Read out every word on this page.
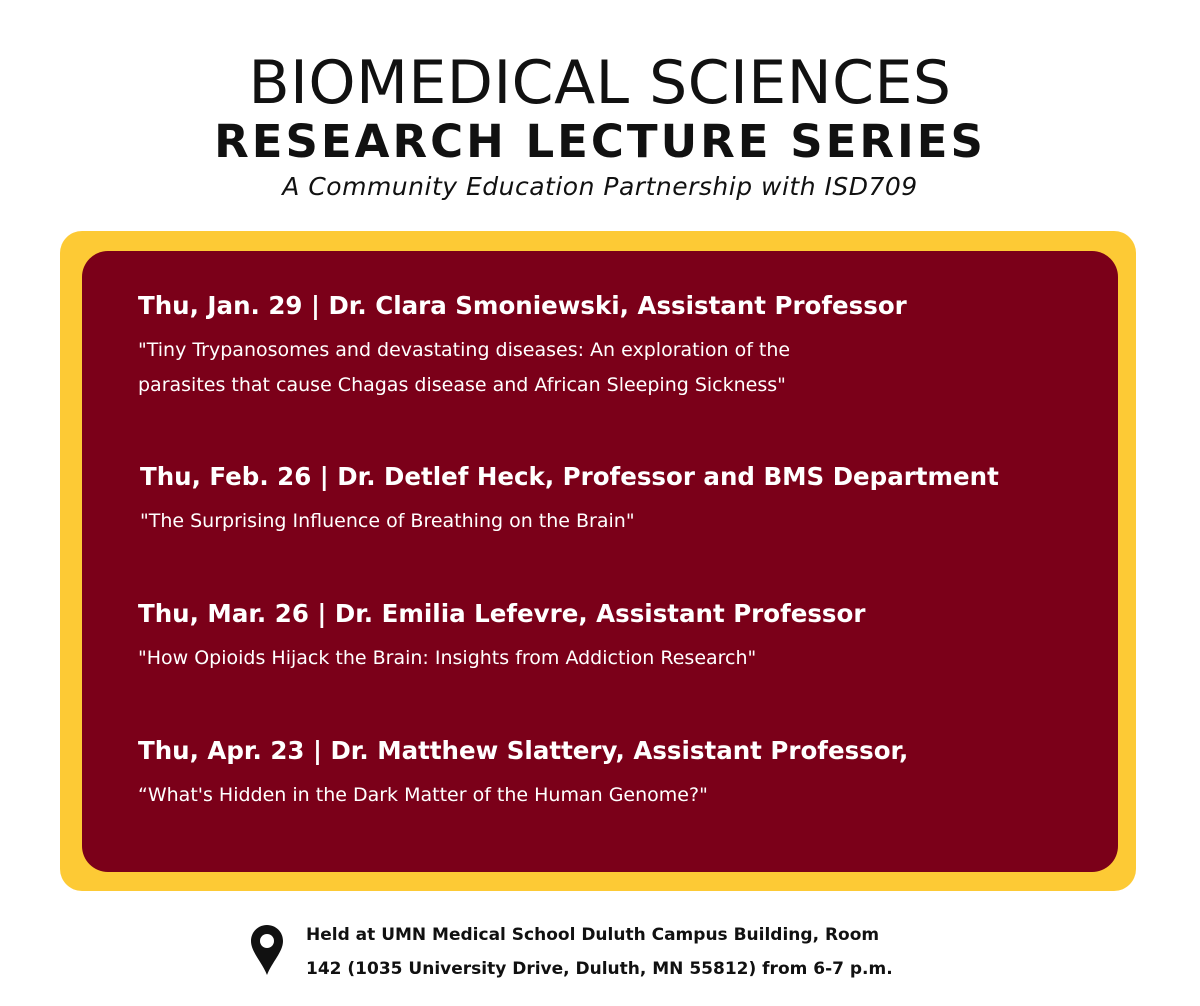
BIOMEDICAL SCIENCES
RESEARCH LECTURE SERIES
A Community Education Partnership with ISD709
Thu, Jan. 29 | Dr. Clara Smoniewski, Assistant Professor
"Tiny Trypanosomes and devastating diseases: An exploration of the
parasites that cause Chagas disease and African Sleeping Sickness"
Thu, Feb. 26 | Dr. Detlef Heck, Professor and BMS Department
"The Surprising Influence of Breathing on the Brain"
Thu, Mar. 26 | Dr. Emilia Lefevre, Assistant Professor
"How Opioids Hijack the Brain: Insights from Addiction Research"
Thu, Apr. 23 | Dr. Matthew Slattery, Assistant Professor,
“What's Hidden in the Dark Matter of the Human Genome?"
Held at UMN Medical School Duluth Campus Building, Room
142 (1035 University Drive, Duluth, MN 55812) from 6-7 p.m.
